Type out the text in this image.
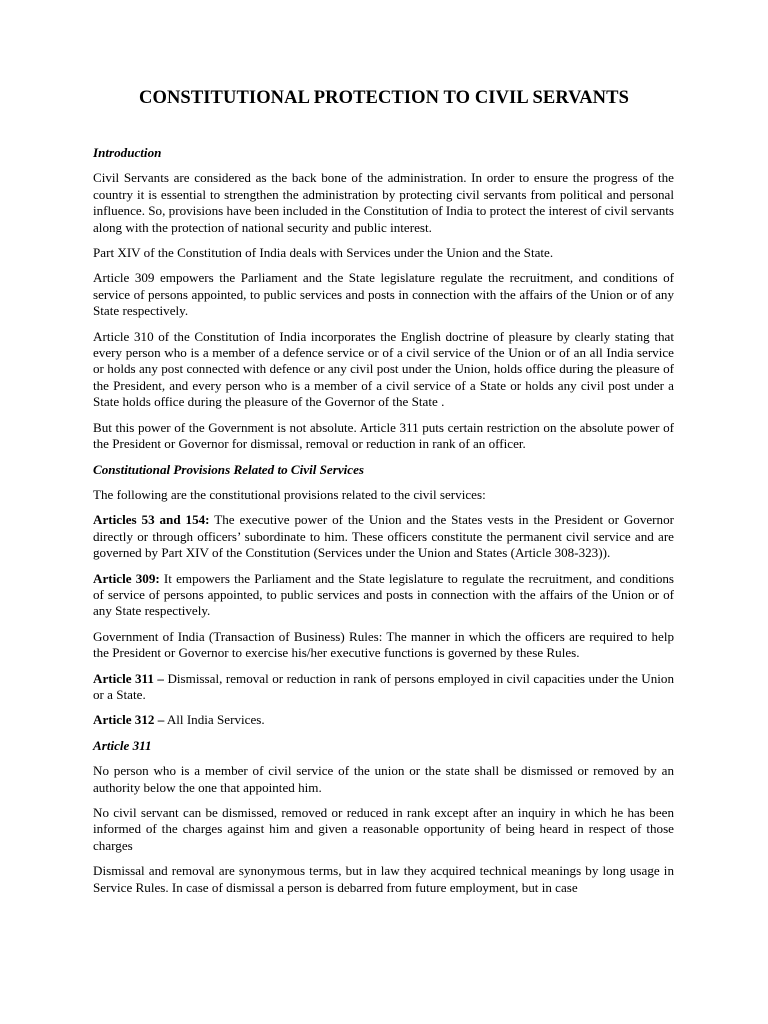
CONSTITUTIONAL PROTECTION TO CIVIL SERVANTS

Introduction

Civil Servants are considered as the back bone of the administration. In order to ensure the progress of the country it is essential to strengthen the administration by protecting civil servants from political and personal influence. So, provisions have been included in the Constitution of India to protect the interest of civil servants along with the protection of national security and public interest.

Part XIV of the Constitution of India deals with Services under the Union and the State.

Article 309 empowers the Parliament and the State legislature regulate the recruitment, and conditions of service of persons appointed, to public services and posts in connection with the affairs of the Union or of any State respectively.

Article 310 of the Constitution of India incorporates the English doctrine of pleasure by clearly stating that every person who is a member of a defence service or of a civil service of the Union or of an all India service or holds any post connected with defence or any civil post under the Union, holds office during the pleasure of the President, and every person who is a member of a civil service of a State or holds any civil post under a State holds office during the pleasure of the Governor of the State .

But this power of the Government is not absolute. Article 311 puts certain restriction on the absolute power of the President or Governor for dismissal, removal or reduction in rank of an officer.

Constitutional Provisions Related to Civil Services

The following are the constitutional provisions related to the civil services:

Articles 53 and 154: The executive power of the Union and the States vests in the President or Governor directly or through officers’ subordinate to him. These officers constitute the permanent civil service and are governed by Part XIV of the Constitution (Services under the Union and States (Article 308-323)).

Article 309: It empowers the Parliament and the State legislature to regulate the recruitment, and conditions of service of persons appointed, to public services and posts in connection with the affairs of the Union or of any State respectively.

Government of India (Transaction of Business) Rules: The manner in which the officers are required to help the President or Governor to exercise his/her executive functions is governed by these Rules.

Article 311 – Dismissal, removal or reduction in rank of persons employed in civil capacities under the Union or a State.

Article 312 – All India Services.

Article 311

No person who is a member of civil service of the union or the state shall be dismissed or removed by an authority below the one that appointed him.

No civil servant can be dismissed, removed or reduced in rank except after an inquiry in which he has been informed of the charges against him and given a reasonable opportunity of being heard in respect of those charges

Dismissal and removal are synonymous terms, but in law they acquired technical meanings by long usage in Service Rules. In case of dismissal a person is debarred from future employment, but in case
